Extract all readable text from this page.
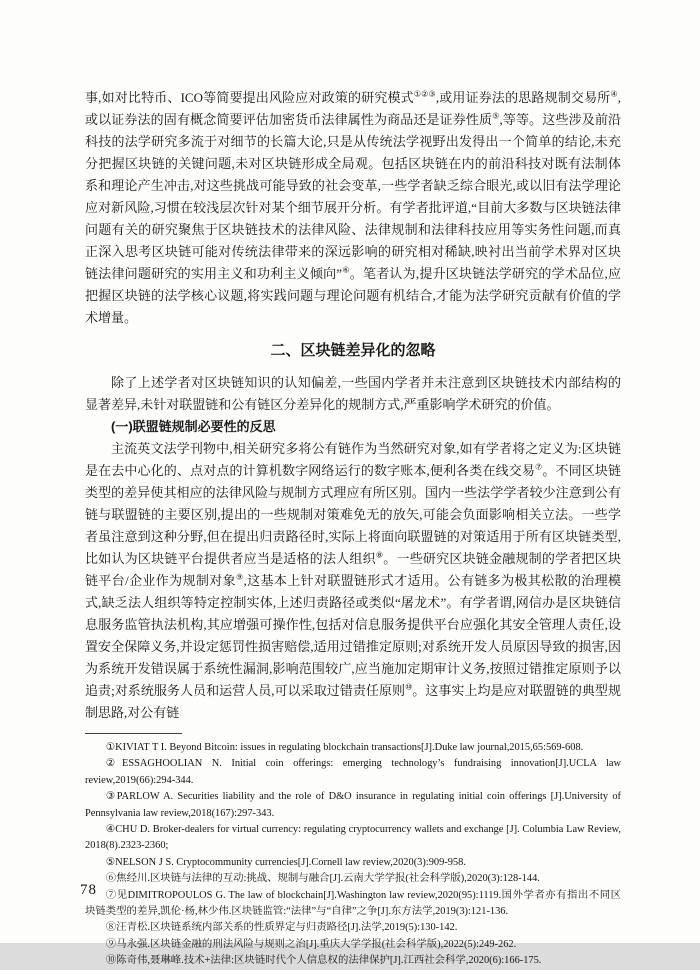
事,如对比特币、ICO等简要提出风险应对政策的研究模式①②③,或用证券法的思路规制交易所④,或以证券法的固有概念简要评估加密货币法律属性为商品还是证券性质⑤,等等。这些涉及前沿科技的法学研究多流于对细节的长篇大论,只是从传统法学视野出发得出一个简单的结论,未充分把握区块链的关键问题,未对区块链形成全局观。包括区块链在内的前沿科技对既有法制体系和理论产生冲击,对这些挑战可能导致的社会变革,一些学者缺乏综合眼光,或以旧有法学理论应对新风险,习惯在较浅层次针对某个细节展开分析。有学者批评道,“目前大多数与区块链法律问题有关的研究聚焦于区块链技术的法律风险、法律规制和法律科技应用等实务性问题,而真正深入思考区块链可能对传统法律带来的深远影响的研究相对稀缺,映衬出当前学术界对区块链法律问题研究的实用主义和功利主义倾向”⑥。笔者认为,提升区块链法学研究的学术品位,应把握区块链的法学核心议题,将实践问题与理论问题有机结合,才能为法学研究贡献有价值的学术增量。

二、区块链差异化的忽略

除了上述学者对区块链知识的认知偏差,一些国内学者并未注意到区块链技术内部结构的显著差异,未针对联盟链和公有链区分差异化的规制方式,严重影响学术研究的价值。

(一)联盟链规制必要性的反思

主流英文法学刊物中,相关研究多将公有链作为当然研究对象,如有学者将之定义为:区块链是在去中心化的、点对点的计算机数字网络运行的数字账本,便利各类在线交易⑦。不同区块链类型的差异使其相应的法律风险与规制方式理应有所区别。国内一些法学学者较少注意到公有链与联盟链的主要区别,提出的一些规制对策难免无的放矢,可能会负面影响相关立法。一些学者虽注意到这种分野,但在提出归责路径时,实际上将面向联盟链的对策适用于所有区块链类型,比如认为区块链平台提供者应当是适格的法人组织⑧。一些研究区块链金融规制的学者把区块链平台/企业作为规制对象⑨,这基本上针对联盟链形式才适用。公有链多为极其松散的治理模式,缺乏法人组织等特定控制实体,上述归责路径或类似“屠龙术”。有学者谓,网信办是区块链信息服务监管执法机构,其应增强可操作性,包括对信息服务提供平台应强化其安全管理人责任,设置安全保障义务,并设定惩罚性损害赔偿,适用过错推定原则;对系统开发人员原因导致的损害,因为系统开发错误属于系统性漏洞,影响范围较广,应当施加定期审计义务,按照过错推定原则予以追责;对系统服务人员和运营人员,可以采取过错责任原则⑩。这事实上均是应对联盟链的典型规制思路,对公有链

①KIVIAT T I. Beyond Bitcoin: issues in regulating blockchain transactions[J].Duke law journal,2015,65:569-608.

②ESSAGHOOLIAN N. Initial coin offerings: emerging technology’s fundraising innovation[J].UCLA law review,2019(66):294-344.

③PARLOW A. Securities liability and the role of D&O insurance in regulating initial coin offerings [J].University of Pennsylvania law review,2018(167):297-343.

④CHU D. Broker-dealers for virtual currency: regulating cryptocurrency wallets and exchange [J]. Columbia Law Review, 2018(8).2323-2360;

⑤NELSON J S. Cryptocommunity currencies[J].Cornell law review,2020(3):909-958.

⑥焦经川.区块链与法律的互动:挑战、规制与融合[J].云南大学学报(社会科学版),2020(3):128-144.

⑦见DIMITROPOULOS G. The law of blockchain[J].Washington law review,2020(95):1119.国外学者亦有指出不同区块链类型的差异,凯伦·杨,林少伟.区块链监管:“法律”与“自律”之争[J].东方法学,2019(3):121-136.

⑧汪青松.区块链系统内部关系的性质界定与归责路径[J].法学,2019(5):130-142.

⑨马永强.区块链金融的刑法风险与规则之治[J].重庆大学学报(社会科学版),2022(5):249-262.

⑩陈奇伟,聂琳峰.技术+法律:区块链时代个人信息权的法律保护[J].江西社会科学,2020(6):166-175.

78
